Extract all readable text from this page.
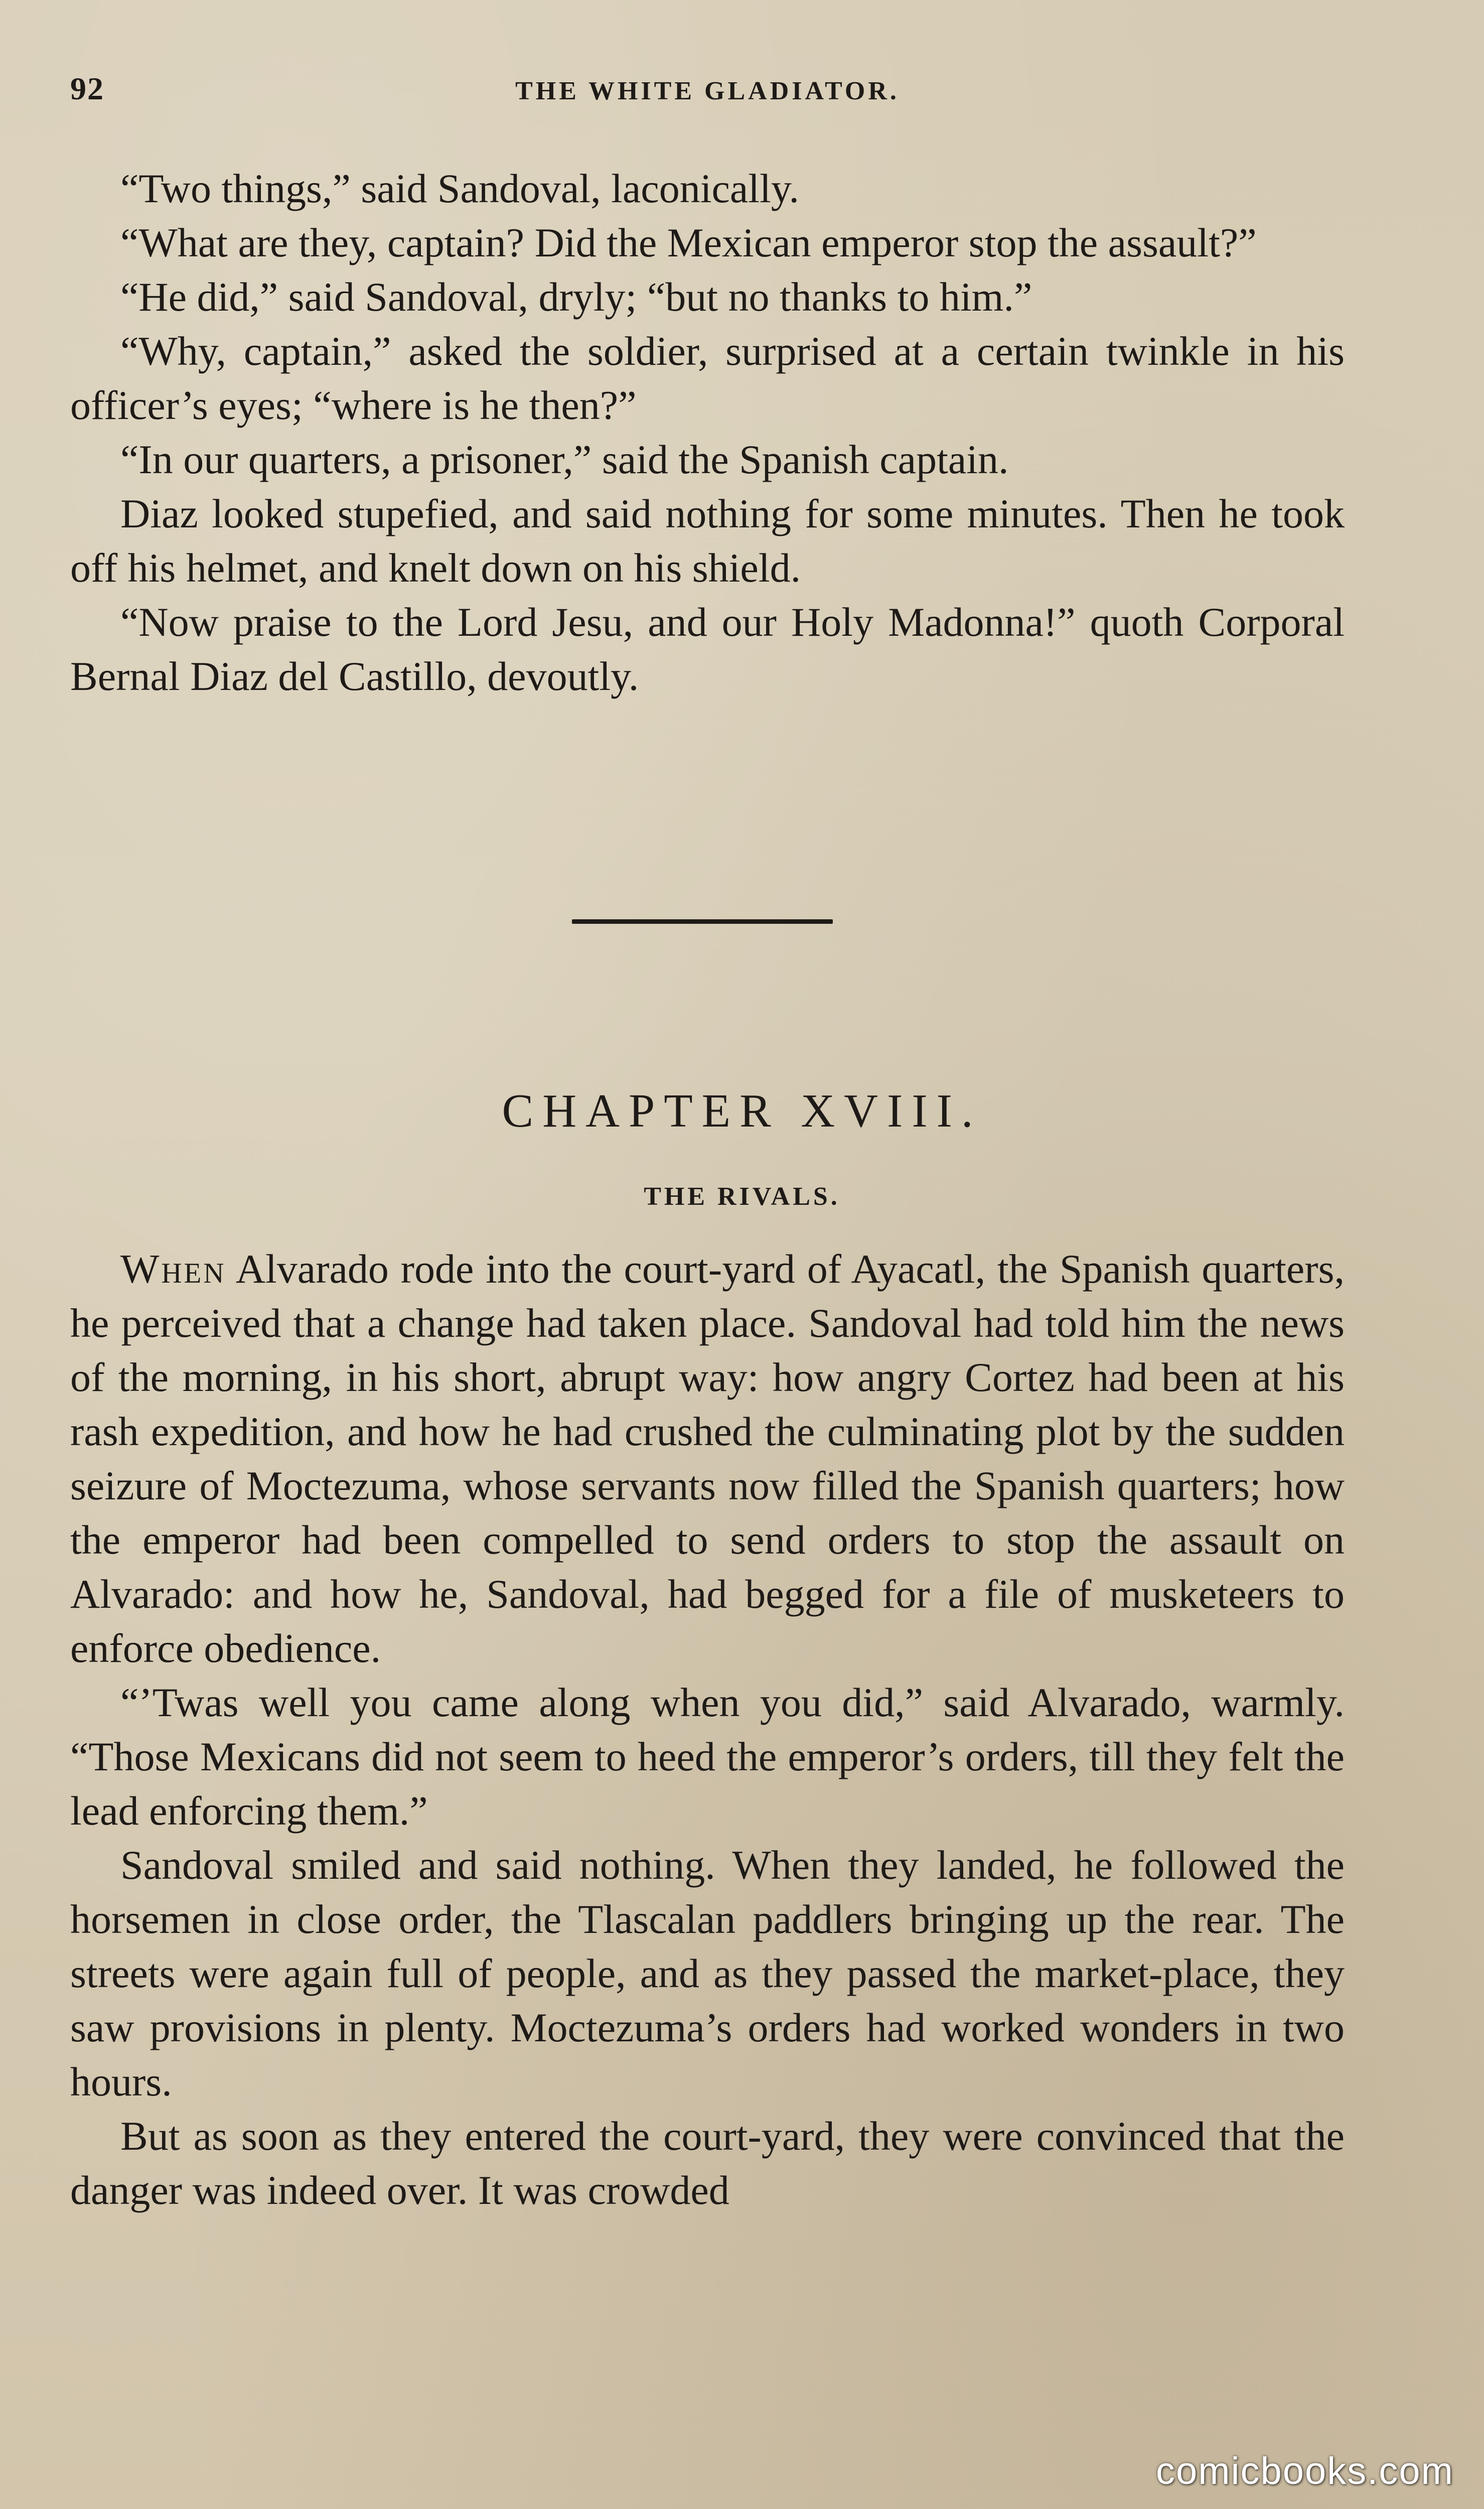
92	THE WHITE GLADIATOR.

“Two things,” said Sandoval, laconically.

“What are they, captain? Did the Mexican emperor stop the assault?”

“He did,” said Sandoval, dryly; “but no thanks to him.”

“Why, captain,” asked the soldier, surprised at a certain twinkle in his officer’s eyes; “where is he then?”

“In our quarters, a prisoner,” said the Spanish captain.

Diaz looked stupefied, and said nothing for some minutes. Then he took off his helmet, and knelt down on his shield.

“Now praise to the Lord Jesu, and our Holy Madonna!” quoth Corporal Bernal Diaz del Castillo, devoutly.

CHAPTER XVIII.
THE RIVALS.

When Alvarado rode into the court-yard of Ayacatl, the Spanish quarters, he perceived that a change had taken place. Sandoval had told him the news of the morning, in his short, abrupt way: how angry Cortez had been at his rash expedition, and how he had crushed the culminating plot by the sudden seizure of Moctezuma, whose servants now filled the Spanish quarters; how the emperor had been compelled to send orders to stop the assault on Alvarado: and how he, Sandoval, had begged for a file of musketeers to enforce obedience.

“’Twas well you came along when you did,” said Alvarado, warmly. “Those Mexicans did not seem to heed the emperor’s orders, till they felt the lead enforcing them.”

Sandoval smiled and said nothing. When they landed, he followed the horsemen in close order, the Tlascalan paddlers bringing up the rear. The streets were again full of people, and as they passed the market-place, they saw provisions in plenty. Moctezuma’s orders had worked wonders in two hours.

But as soon as they entered the court-yard, they were convinced that the danger was indeed over. It was crowded

comicbooks.com
